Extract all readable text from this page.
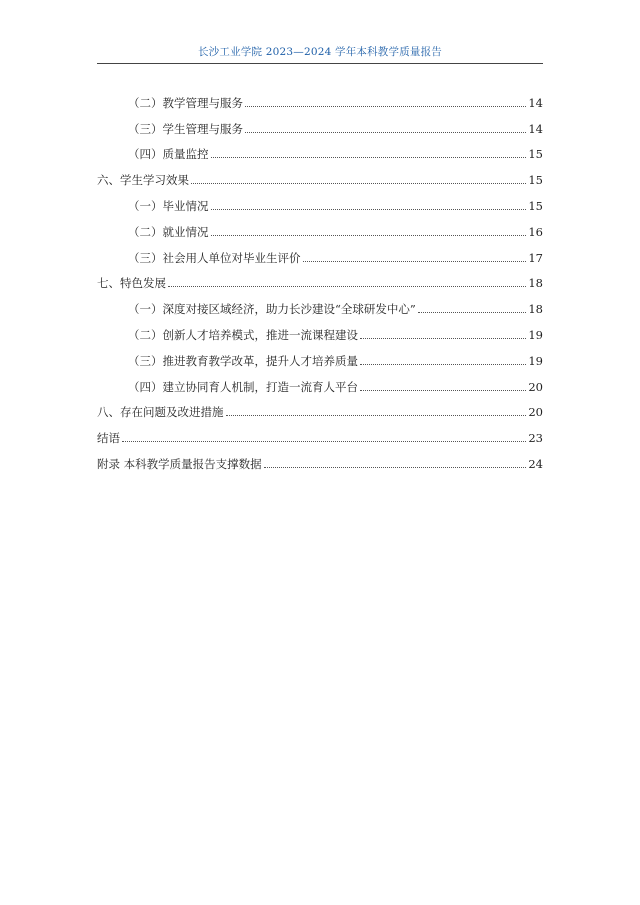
长沙工业学院 2023—2024 学年本科教学质量报告
（二）教学管理与服务	14
（三）学生管理与服务	14
（四）质量监控	15
六、学生学习效果	15
（一）毕业情况	15
（二）就业情况	16
（三）社会用人单位对毕业生评价	17
七、特色发展	18
（一）深度对接区域经济，助力长沙建设“全球研发中心”	18
（二）创新人才培养模式，推进一流课程建设	19
（三）推进教育教学改革，提升人才培养质量	19
（四）建立协同育人机制，打造一流育人平台	20
八、存在问题及改进措施	20
结语	23
附录 本科教学质量报告支撑数据	24
